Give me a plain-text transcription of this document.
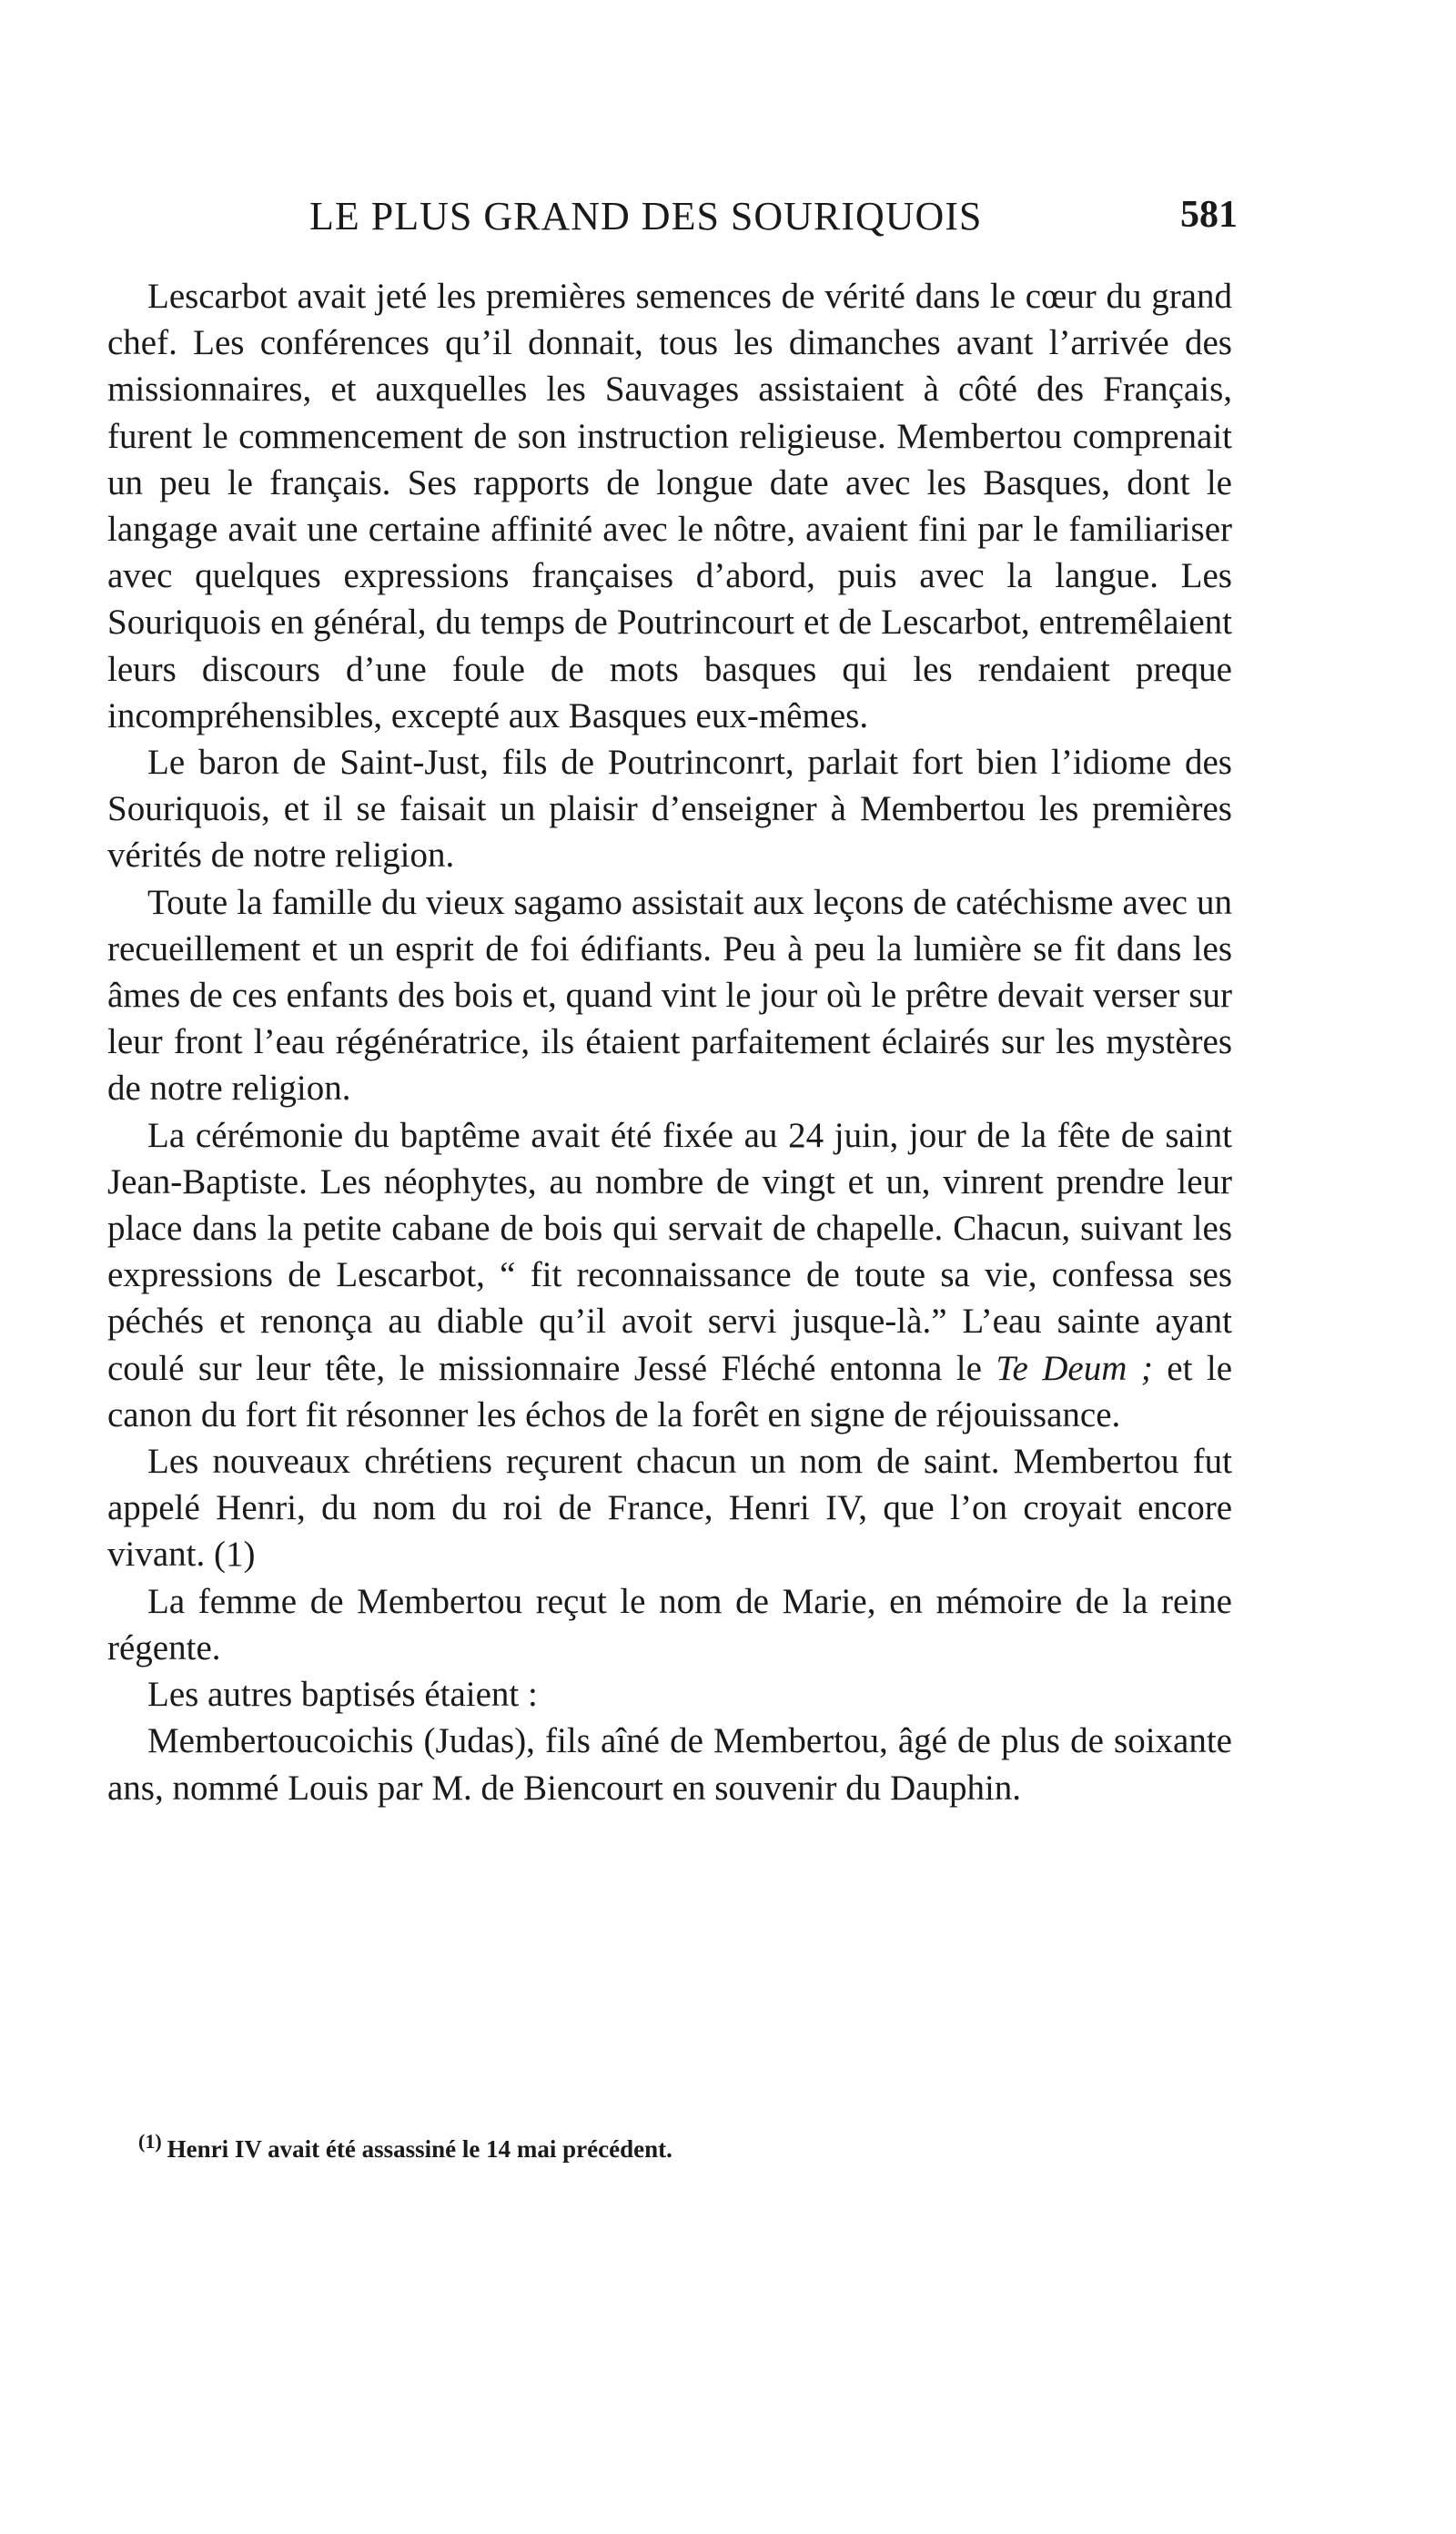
LE PLUS GRAND DES SOURIQUOIS	581

Lescarbot avait jeté les premières semences de vérité dans le cœur du grand chef. Les conférences qu’il donnait, tous les dimanches avant l’arrivée des missionnaires, et auxquelles les Sauvages assistaient à côté des Français, furent le commencement de son instruction religieuse. Membertou comprenait un peu le français. Ses rapports de longue date avec les Basques, dont le langage avait une certaine affinité avec le nôtre, avaient fini par le familiariser avec quelques expressions françaises d’abord, puis avec la langue. Les Souriquois en général, du temps de Poutrincourt et de Lescarbot, entremêlaient leurs discours d’une foule de mots basques qui les rendaient preque incompréhensibles, excepté aux Basques eux-mêmes.

Le baron de Saint-Just, fils de Poutrinconrt, parlait fort bien l’idiome des Souriquois, et il se faisait un plaisir d’enseigner à Membertou les premières vérités de notre religion.

Toute la famille du vieux sagamo assistait aux leçons de catéchisme avec un recueillement et un esprit de foi édifiants. Peu à peu la lumière se fit dans les âmes de ces enfants des bois et, quand vint le jour où le prêtre devait verser sur leur front l’eau régénératrice, ils étaient parfaitement éclairés sur les mystères de notre religion.

La cérémonie du baptême avait été fixée au 24 juin, jour de la fête de saint Jean-Baptiste. Les néophytes, au nombre de vingt et un, vinrent prendre leur place dans la petite cabane de bois qui servait de chapelle. Chacun, suivant les expressions de Lescarbot, “ fit reconnaissance de toute sa vie, confessa ses péchés et renonça au diable qu’il avoit servi jusque-là.” L’eau sainte ayant coulé sur leur tête, le missionnaire Jessé Fléché entonna le Te Deum ; et le canon du fort fit résonner les échos de la forêt en signe de réjouissance.

Les nouveaux chrétiens reçurent chacun un nom de saint. Membertou fut appelé Henri, du nom du roi de France, Henri IV, que l’on croyait encore vivant. (1)

La femme de Membertou reçut le nom de Marie, en mémoire de la reine régente.

Les autres baptisés étaient :

Membertoucoichis (Judas), fils aîné de Membertou, âgé de plus de soixante ans, nommé Louis par M. de Biencourt en souvenir du Dauphin.

$^{(1)}$ Henri IV avait été assassiné le 14 mai précédent.
